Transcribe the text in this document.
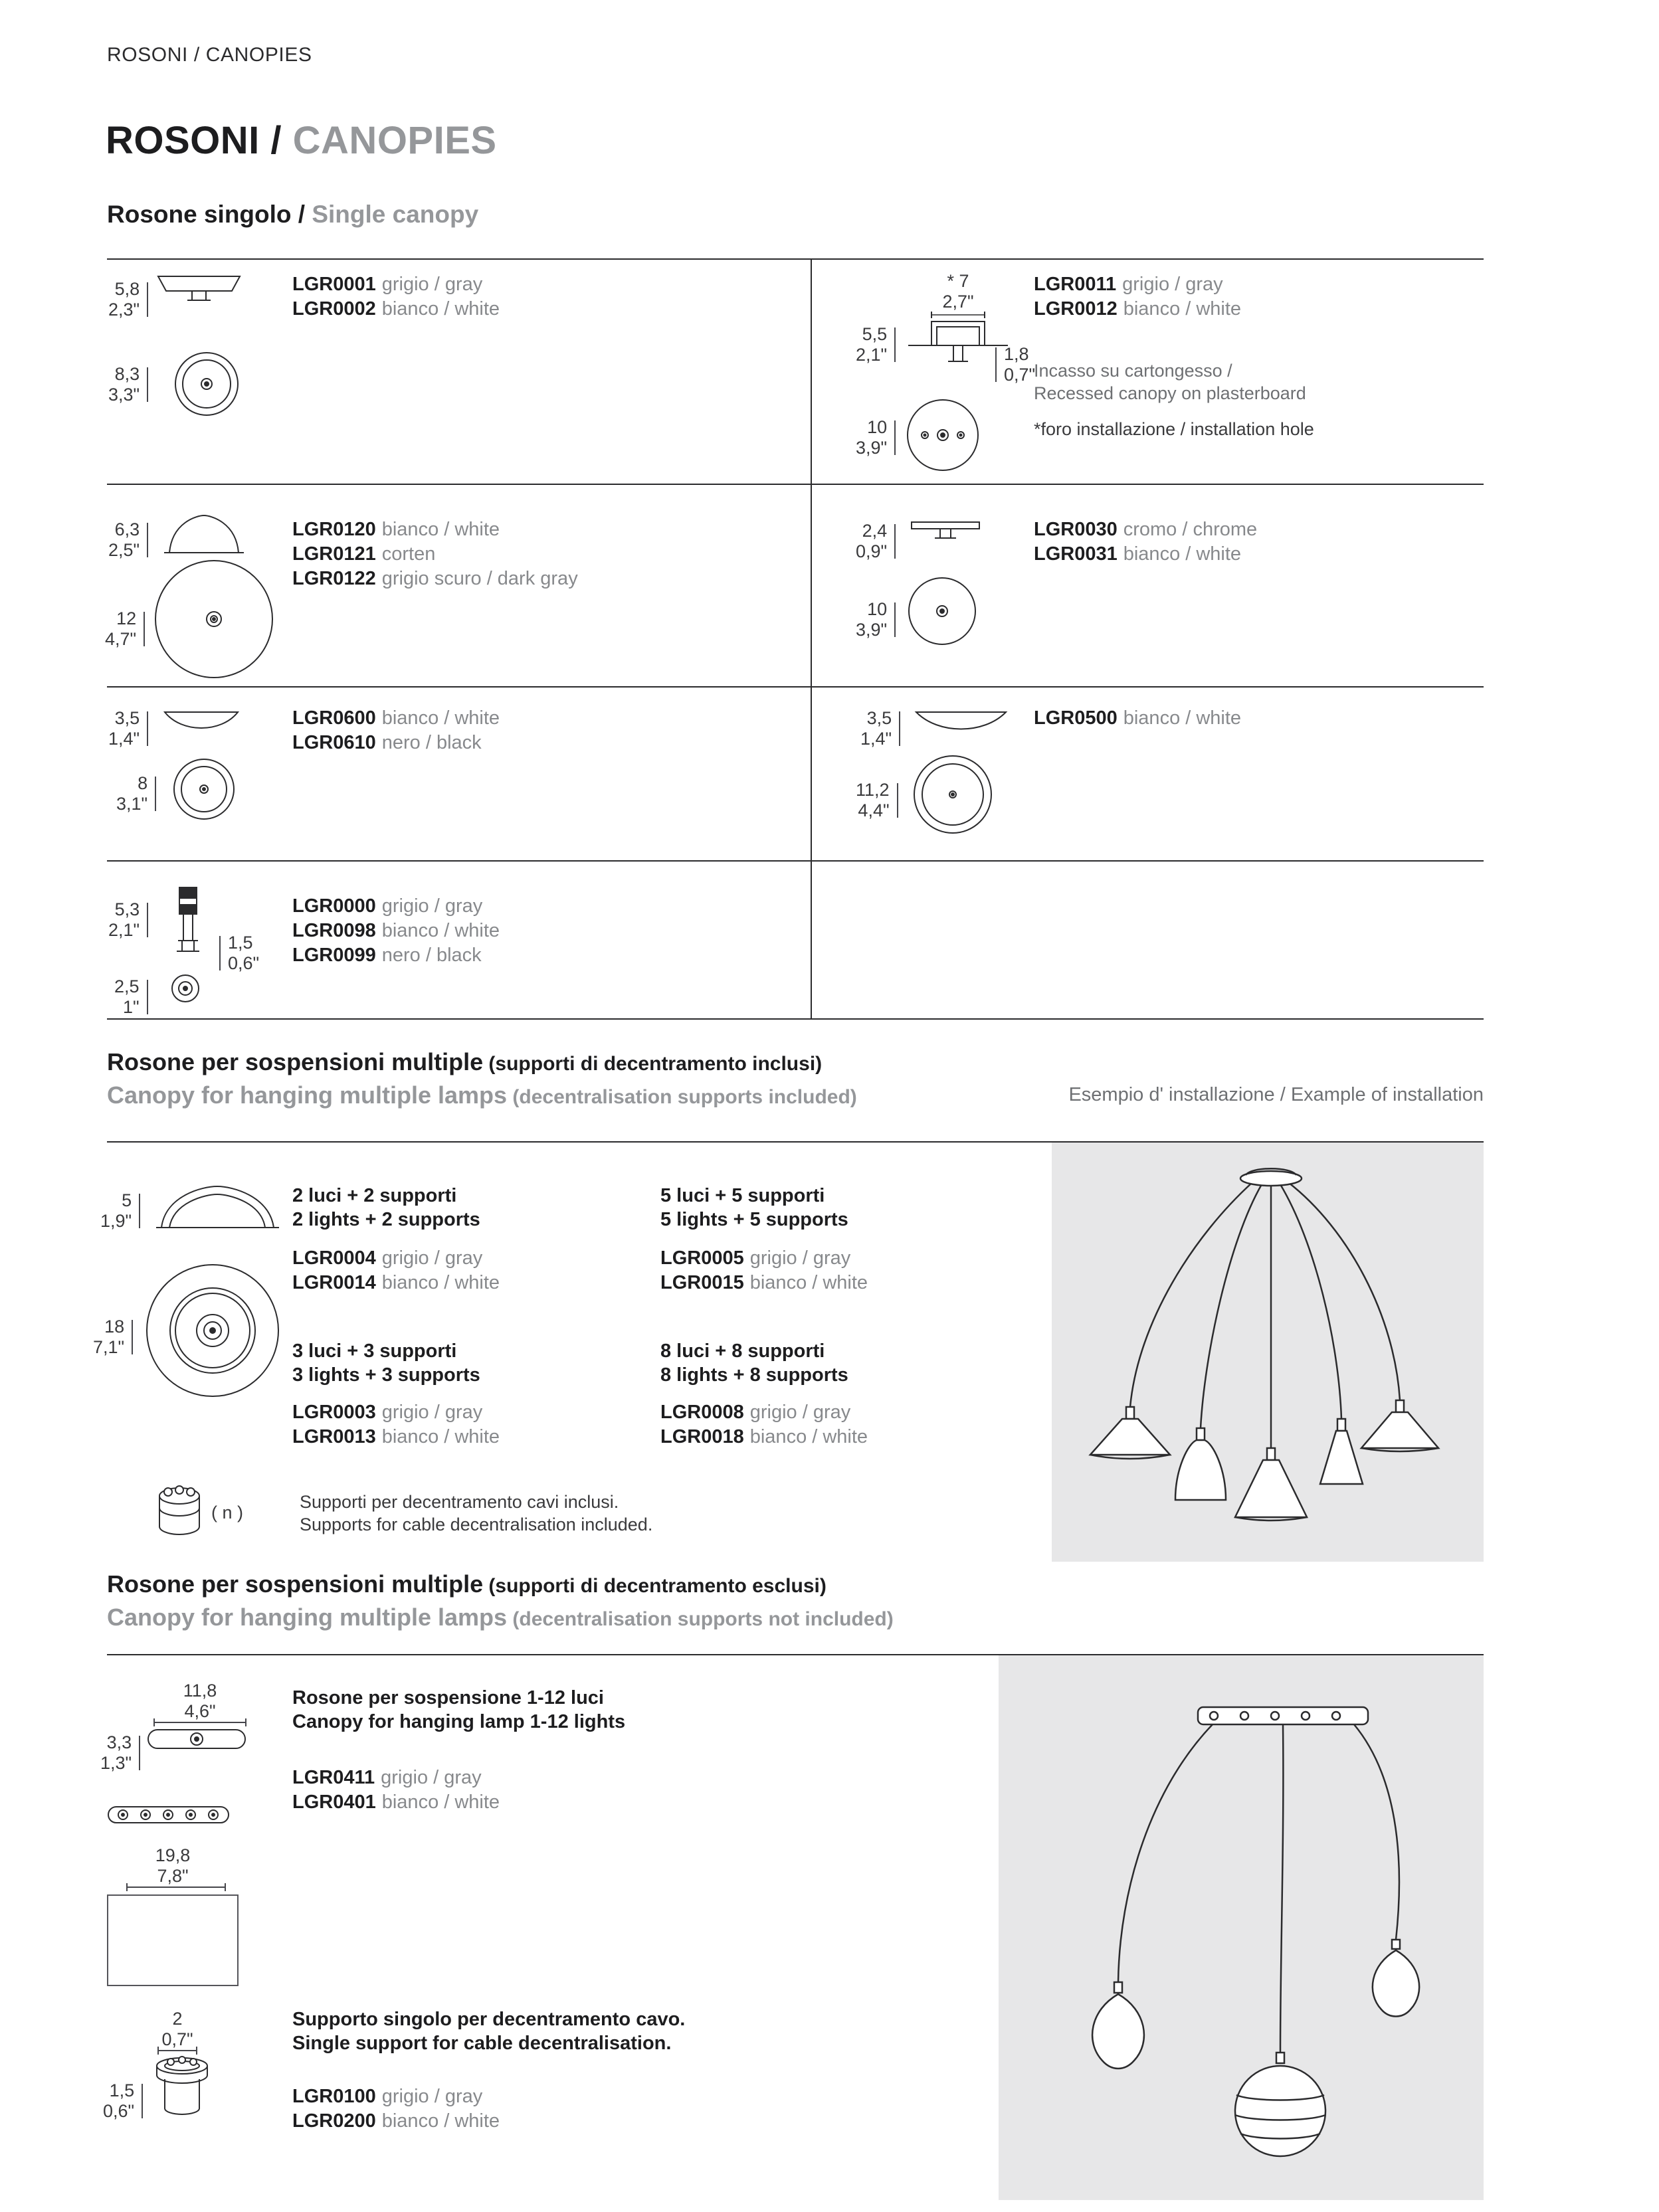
ROSONI / CANOPIES
ROSONI / CANOPIES
Rosone singolo / Single canopy
5,8
2,3"
8,3
3,3"
LGR0001 grigio / gray
LGR0002 bianco / white
* 7
2,7"
5,5
2,1"	1,8
0,7"
10
3,9"
LGR0011 grigio / gray
LGR0012 bianco / white
Incasso su cartongesso /
Recessed canopy on plasterboard
*foro installazione / installation hole
6,3
2,5"
12
4,7"
LGR0120 bianco / white
LGR0121 corten
LGR0122 grigio scuro / dark gray
2,4
0,9"
10
3,9"
LGR0030 cromo / chrome
LGR0031 bianco / white
3,5
1,4"
8
3,1"
LGR0600 bianco / white
LGR0610 nero / black
3,5
1,4"
11,2
4,4"
LGR0500 bianco / white
5,3
2,1"
1,5
0,6"
2,5
1"
LGR0000 grigio / gray
LGR0098 bianco / white
LGR0099 nero / black
Rosone per sospensioni multiple (supporti di decentramento inclusi)
Canopy for hanging multiple lamps (decentralisation supports included)	Esempio d' installazione / Example of installation
5
1,9"
18
7,1"
2 luci + 2 supporti
2 lights + 2 supports
LGR0004 grigio / gray
LGR0014 bianco / white
5 luci + 5 supporti
5 lights + 5 supports
LGR0005 grigio / gray
LGR0015 bianco / white
3 luci + 3 supporti
3 lights + 3 supports
LGR0003 grigio / gray
LGR0013 bianco / white
8 luci + 8 supporti
8 lights + 8 supports
LGR0008 grigio / gray
LGR0018 bianco / white
( n )
Supporti per decentramento cavi inclusi.
Supports for cable decentralisation included.
Rosone per sospensioni multiple (supporti di decentramento esclusi)
Canopy for hanging multiple lamps (decentralisation supports not included)
11,8
4,6"
3,3
1,3"
19,8
7,8"
Rosone per sospensione 1-12 luci
Canopy for hanging lamp 1-12 lights
LGR0411 grigio / gray
LGR0401 bianco / white
2
0,7"
1,5
0,6"
Supporto singolo per decentramento cavo.
Single support for cable decentralisation.
LGR0100 grigio / gray
LGR0200 bianco / white
